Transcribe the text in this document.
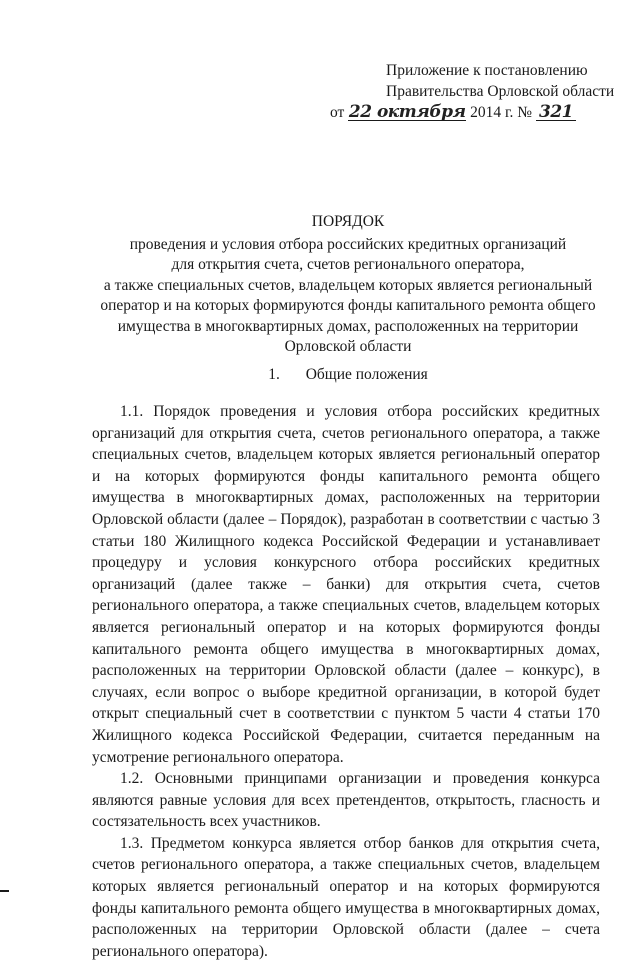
Приложение к постановлению
Правительства Орловской области
от 22 октября 2014 г. № 321
ПОРЯДОК
проведения и условия отбора российских кредитных организаций
для открытия счета, счетов регионального оператора,
а также специальных счетов, владельцем которых является региональный
оператор и на которых формируются фонды капитального ремонта общего
имущества в многоквартирных домах, расположенных на территории
Орловской области
1. Общие положения

1.1. Порядок проведения и условия отбора российских кредитных организаций для открытия счета, счетов регионального оператора, а также специальных счетов, владельцем которых является региональный оператор и на которых формируются фонды капитального ремонта общего имущества в многоквартирных домах, расположенных на территории Орловской области (далее – Порядок), разработан в соответствии с частью 3 статьи 180 Жилищного кодекса Российской Федерации и устанавливает процедуру и условия конкурсного отбора российских кредитных организаций (далее также – банки) для открытия счета, счетов регионального оператора, а также специальных счетов, владельцем которых является региональный оператор и на которых формируются фонды капитального ремонта общего имущества в многоквартирных домах, расположенных на территории Орловской области (далее – конкурс), в случаях, если вопрос о выборе кредитной организации, в которой будет открыт специальный счет в соответствии с пунктом 5 части 4 статьи 170 Жилищного кодекса Российской Федерации, считается переданным на усмотрение регионального оператора.

1.2. Основными принципами организации и проведения конкурса являются равные условия для всех претендентов, открытость, гласность и состязательность всех участников.

1.3. Предметом конкурса является отбор банков для открытия счета, счетов регионального оператора, а также специальных счетов, владельцем которых является региональный оператор и на которых формируются фонды капитального ремонта общего имущества в многоквартирных домах, расположенных на территории Орловской области (далее – счета регионального оператора).
